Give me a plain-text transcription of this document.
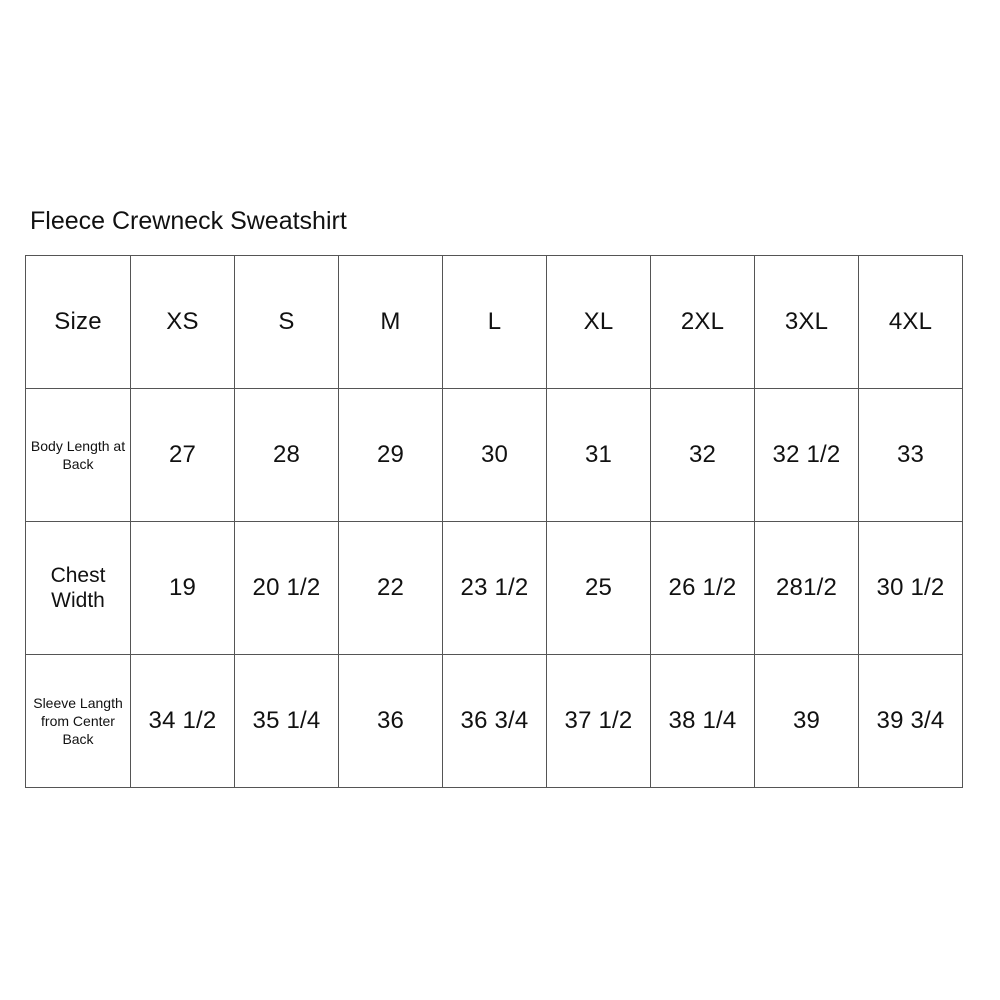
Fleece Crewneck Sweatshirt
Size	XS	S	M	L	XL	2XL	3XL	4XL
Body Length at Back	27	28	29	30	31	32	32 1/2	33
Chest Width	19	20 1/2	22	23 1/2	25	26 1/2	281/2	30 1/2
Sleeve Langth from Center Back	34 1/2	35 1/4	36	36 3/4	37 1/2	38 1/4	39	39 3/4
